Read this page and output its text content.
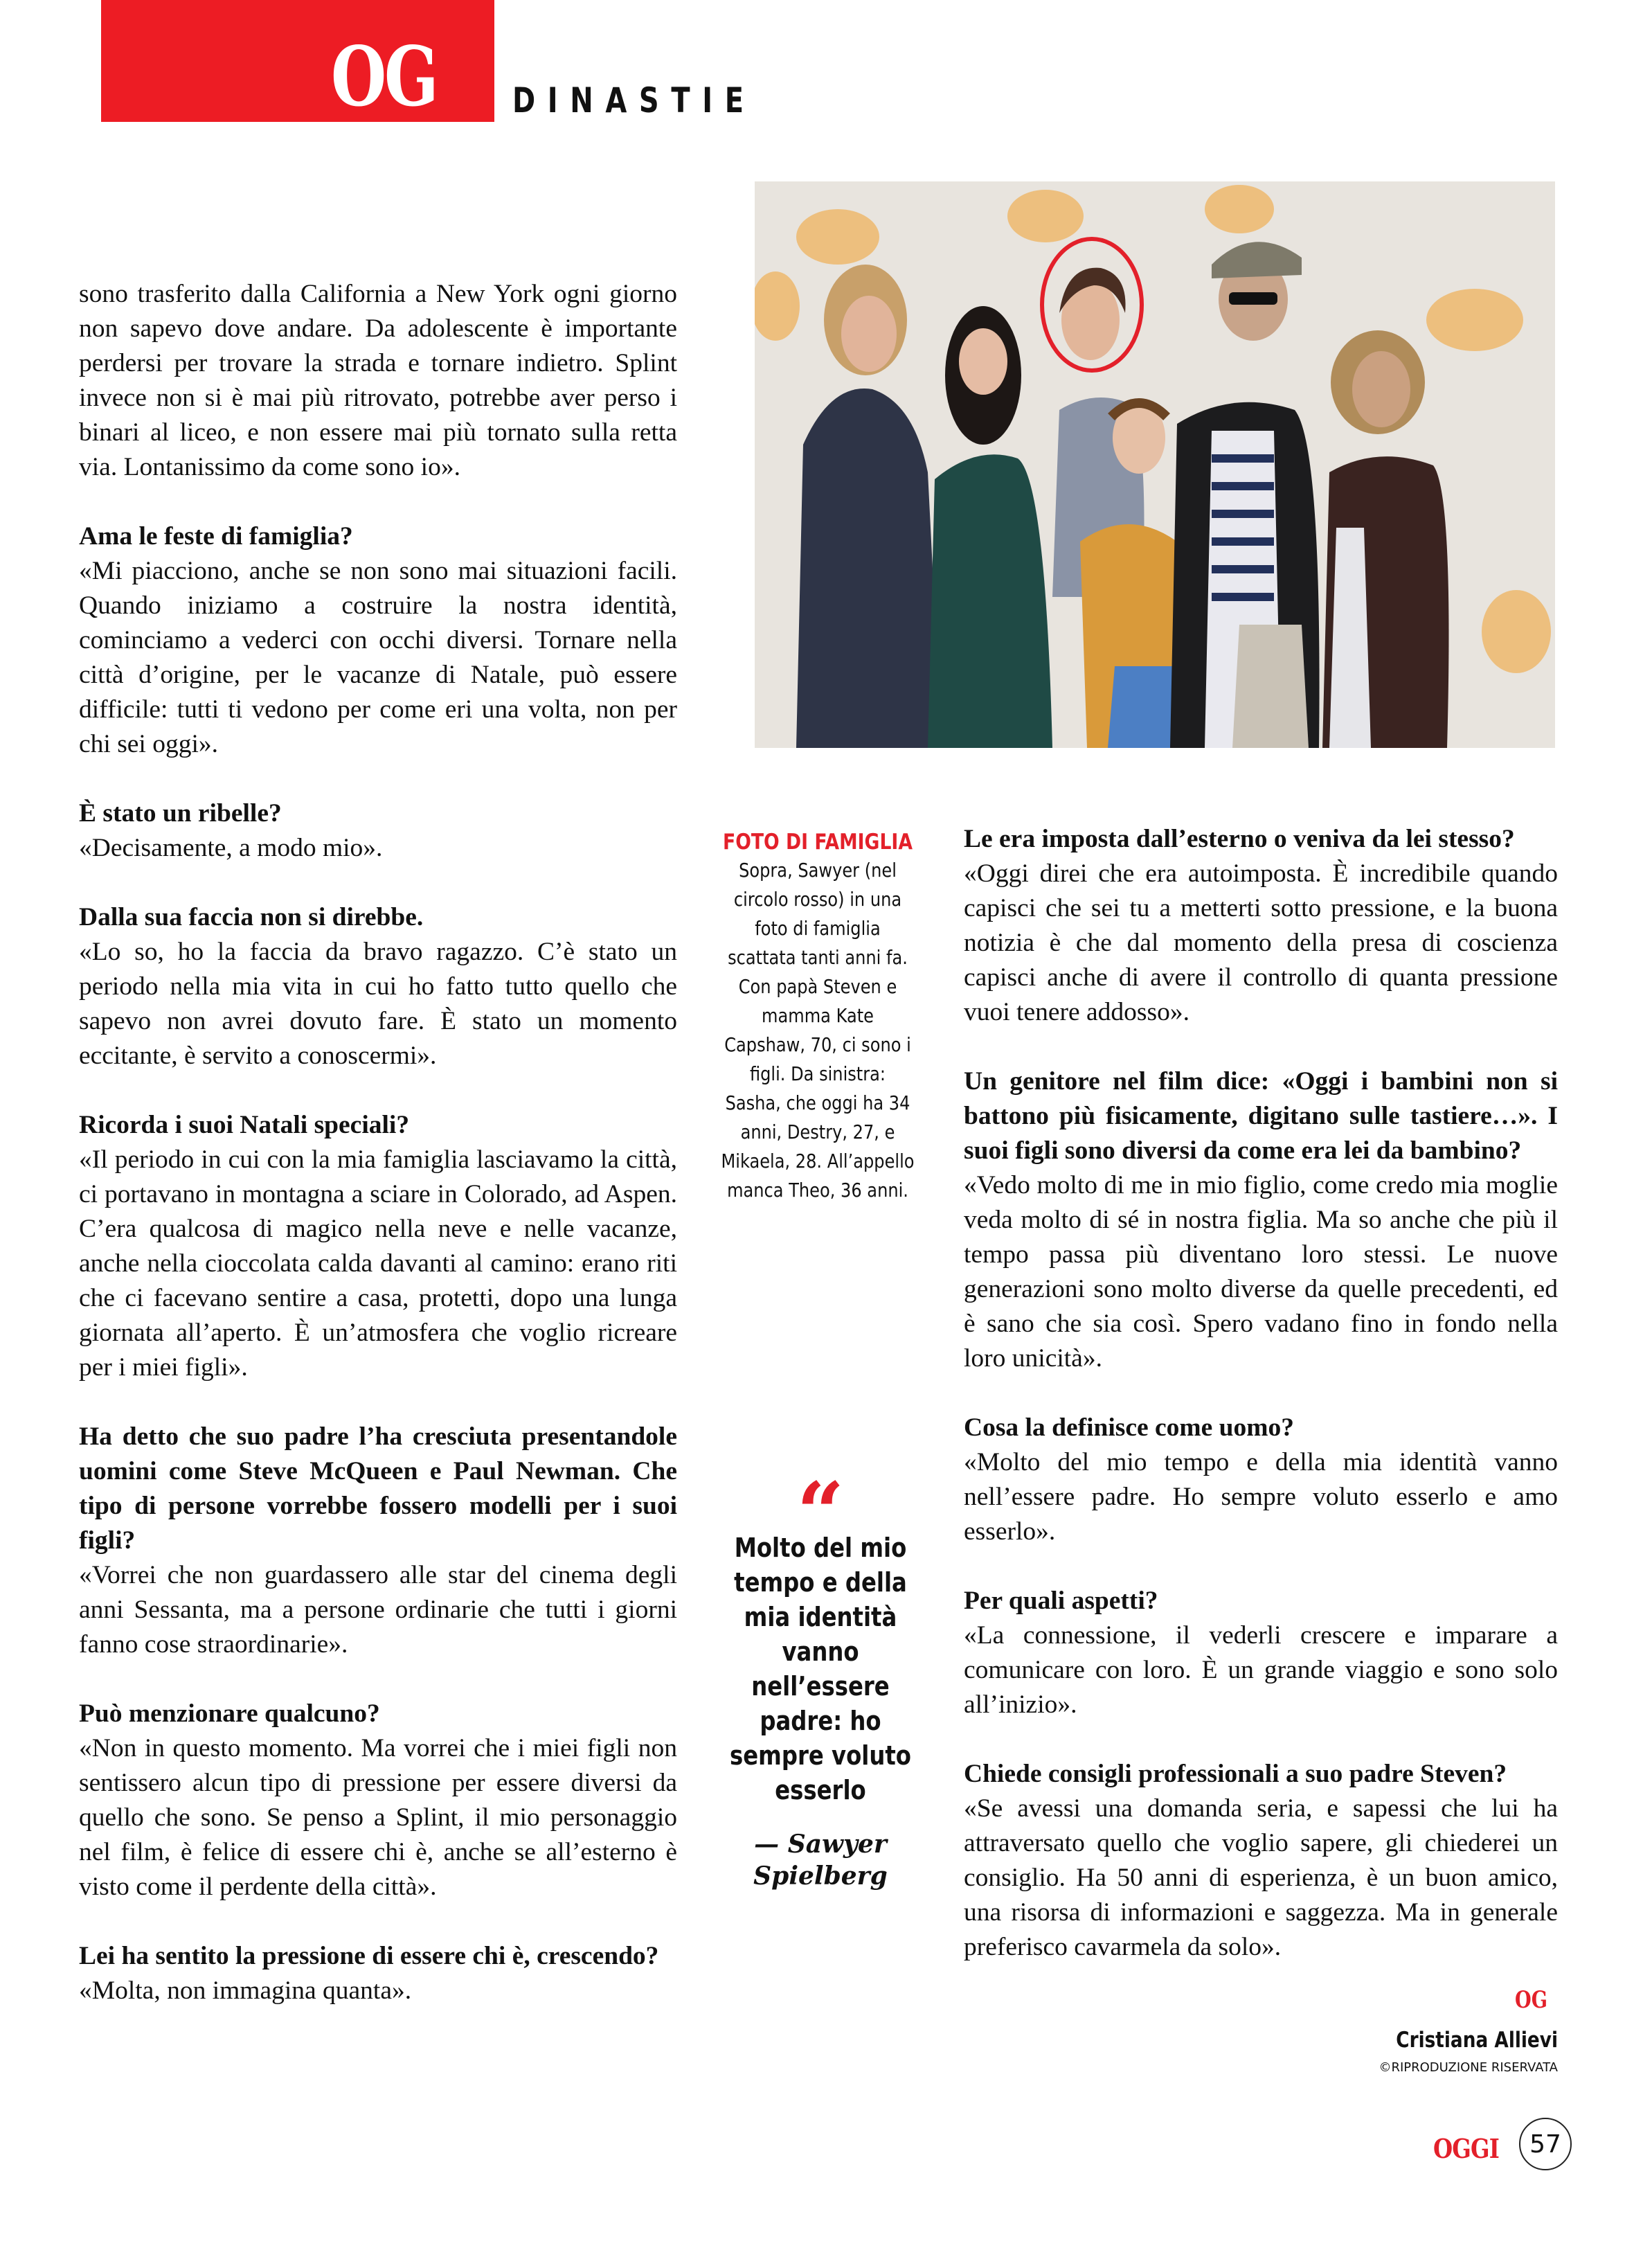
OG DINASTIE

sono trasferito dalla California a New York ogni giorno non sapevo dove andare. Da adolescente è importante perdersi per trovare la strada e tornare indietro. Splint invece non si è mai più ritrovato, potrebbe aver perso i binari al liceo, e non essere mai più tornato sulla retta via. Lontanissimo da come sono io».

Ama le feste di famiglia?

«Mi piacciono, anche se non sono mai situazioni facili. Quando iniziamo a costruire la nostra identità, cominciamo a vederci con occhi diversi. Tornare nella città d’origine, per le vacanze di Natale, può essere difficile: tutti ti vedono per come eri una volta, non per chi sei oggi».

È stato un ribelle?

«Decisamente, a modo mio».

Dalla sua faccia non si direbbe.

«Lo so, ho la faccia da bravo ragazzo. C’è stato un periodo nella mia vita in cui ho fatto tutto quello che sapevo non avrei dovuto fare. È stato un momento eccitante, è servito a conoscermi».

Ricorda i suoi Natali speciali?

«Il periodo in cui con la mia famiglia lasciavamo la città, ci portavano in montagna a sciare in Colorado, ad Aspen. C’era qualcosa di magico nella neve e nelle vacanze, anche nella cioccolata calda davanti al camino: erano riti che ci facevano sentire a casa, protetti, dopo una lunga giornata all’aperto. È un’atmosfera che voglio ricreare per i miei figli».

Ha detto che suo padre l’ha cresciuta presentandole uomini come Steve McQueen e Paul Newman. Che tipo di persone vorrebbe fossero modelli per i suoi figli?

«Vorrei che non guardassero alle star del cinema degli anni Sessanta, ma a persone ordinarie che tutti i giorni fanno cose straordinarie».

Può menzionare qualcuno?

«Non in questo momento. Ma vorrei che i miei figli non sentissero alcun tipo di pressione per essere diversi da quello che sono. Se penso a Splint, il mio personaggio nel film, è felice di essere chi è, anche se all’esterno è visto come il perdente della città».

Lei ha sentito la pressione di essere chi è, crescendo?

«Molta, non immagina quanta».

FOTO DI FAMIGLIA
Sopra, Sawyer (nel circolo rosso) in una foto di famiglia scattata tanti anni fa. Con papà Steven e mamma Kate Capshaw, 70, ci sono i figli. Da sinistra: Sasha, che oggi ha 34 anni, Destry, 27, e Mikaela, 28. All’appello manca Theo, 36 anni.
“
Molto del mio tempo e della mia identità vanno nell’essere padre: ho sempre voluto esserlo
— Sawyer Spielberg

Le era imposta dall’esterno o veniva da lei stesso?

«Oggi direi che era autoimposta. È incredibile quando capisci che sei tu a metterti sotto pressione, e la buona notizia è che dal momento della presa di coscienza capisci anche di avere il controllo di quanta pressione vuoi tenere addosso».

Un genitore nel film dice: «Oggi i bambini non si battono più fisicamente, digitano sulle tastiere…». I suoi figli sono diversi da come era lei da bambino?

«Vedo molto di me in mio figlio, come credo mia moglie veda molto di sé in nostra figlia. Ma so anche che più il tempo passa più diventano loro stessi. Le nuove generazioni sono molto diverse da quelle precedenti, ed è sano che sia così. Spero vadano fino in fondo nella loro unicità».

Cosa la definisce come uomo?

«Molto del mio tempo e della mia identità vanno nell’essere padre. Ho sempre voluto esserlo e amo esserlo».

Per quali aspetti?

«La connessione, il vederli crescere e imparare a comunicare con loro. È un grande viaggio e sono solo all’inizio».

Chiede consigli professionali a suo padre Steven?

«Se avessi una domanda seria, e sapessi che lui ha attraversato quello che voglio sapere, gli chiederei un consiglio. Ha 50 anni di esperienza, è un buon amico, una risorsa di informazioni e saggezza. Ma in generale preferisco cavarmela da solo».

OG
Cristiana Allievi
©RIPRODUZIONE RISERVATA
OGGI	57
